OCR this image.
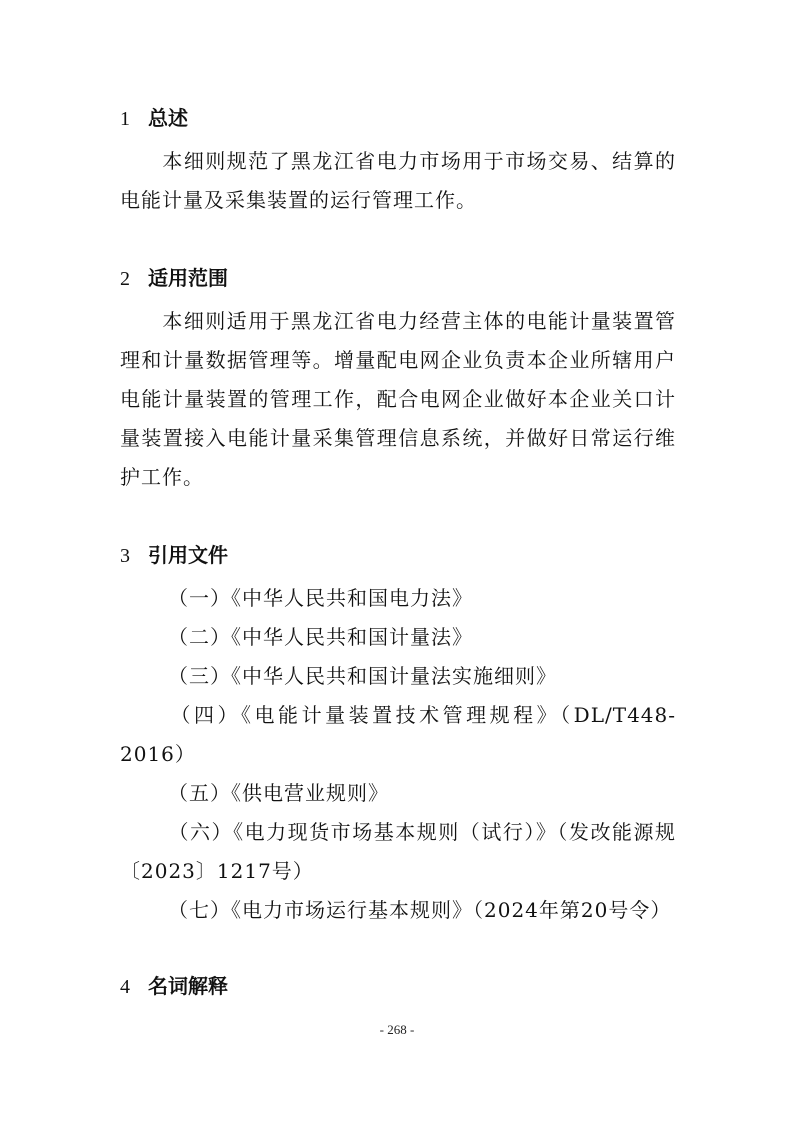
1 总述
本细则规范了黑龙江省电力市场用于市场交易、结算的电能计量及采集装置的运行管理工作。
2 适用范围
本细则适用于黑龙江省电力经营主体的电能计量装置管理和计量数据管理等。增量配电网企业负责本企业所辖用户电能计量装置的管理工作，配合电网企业做好本企业关口计量装置接入电能计量采集管理信息系统，并做好日常运行维护工作。
3 引用文件
（一）《中华人民共和国电力法》
（二）《中华人民共和国计量法》
（三）《中华人民共和国计量法实施细则》
（四）《电能计量装置技术管理规程》（DL/T448-2016）
（五）《供电营业规则》
（六）《电力现货市场基本规则（试行）》（发改能源规〔2023〕1217号）
（七）《电力市场运行基本规则》（2024年第20号令）
4 名词解释
- 268 -
